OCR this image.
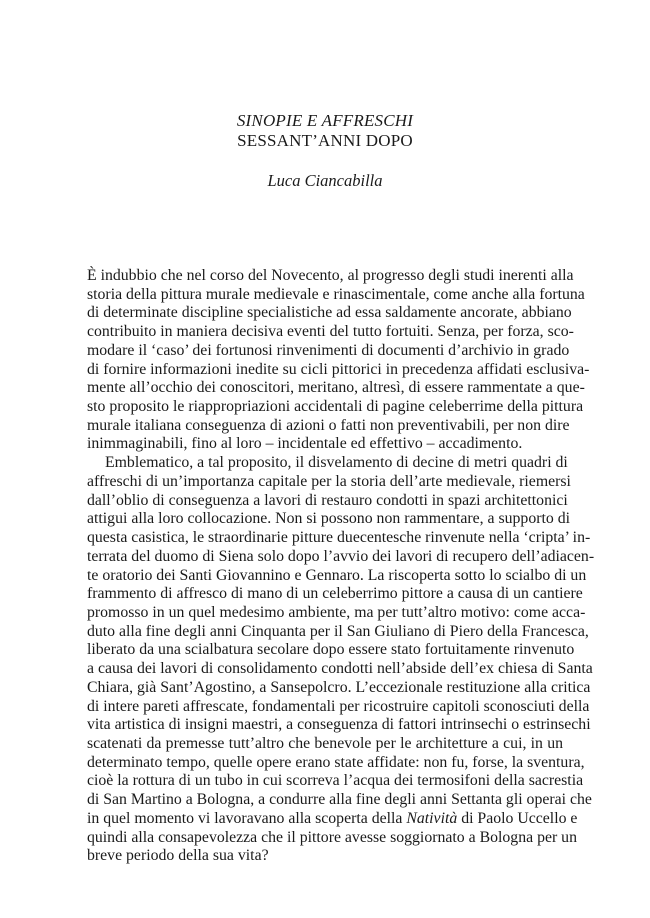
SINOPIE E AFFRESCHI
SESSANT’ANNI DOPO
Luca Ciancabilla
È indubbio che nel corso del Novecento, al progresso degli studi inerenti alla
storia della pittura murale medievale e rinascimentale, come anche alla fortuna
di determinate discipline specialistiche ad essa saldamente ancorate, abbiano
contribuito in maniera decisiva eventi del tutto fortuiti. Senza, per forza, sco-
modare il ‘caso’ dei fortunosi rinvenimenti di documenti d’archivio in grado
di fornire informazioni inedite su cicli pittorici in precedenza affidati esclusiva-
mente all’occhio dei conoscitori, meritano, altresì, di essere rammentate a que-
sto proposito le riappropriazioni accidentali di pagine celeberrime della pittura
murale italiana conseguenza di azioni o fatti non preventivabili, per non dire
inimmaginabili, fino al loro – incidentale ed effettivo – accadimento.
Emblematico, a tal proposito, il disvelamento di decine di metri quadri di
affreschi di un’importanza capitale per la storia dell’arte medievale, riemersi
dall’oblio di conseguenza a lavori di restauro condotti in spazi architettonici
attigui alla loro collocazione. Non si possono non rammentare, a supporto di
questa casistica, le straordinarie pitture duecentesche rinvenute nella ‘cripta’ in-
terrata del duomo di Siena solo dopo l’avvio dei lavori di recupero dell’adiacen-
te oratorio dei Santi Giovannino e Gennaro. La riscoperta sotto lo scialbo di un
frammento di affresco di mano di un celeberrimo pittore a causa di un cantiere
promosso in un quel medesimo ambiente, ma per tutt’altro motivo: come acca-
duto alla fine degli anni Cinquanta per il San Giuliano di Piero della Francesca,
liberato da una scialbatura secolare dopo essere stato fortuitamente rinvenuto
a causa dei lavori di consolidamento condotti nell’abside dell’ex chiesa di Santa
Chiara, già Sant’Agostino, a Sansepolcro. L’eccezionale restituzione alla critica
di intere pareti affrescate, fondamentali per ricostruire capitoli sconosciuti della
vita artistica di insigni maestri, a conseguenza di fattori intrinsechi o estrinsechi
scatenati da premesse tutt’altro che benevole per le architetture a cui, in un
determinato tempo, quelle opere erano state affidate: non fu, forse, la sventura,
cioè la rottura di un tubo in cui scorreva l’acqua dei termosifoni della sacrestia
di San Martino a Bologna, a condurre alla fine degli anni Settanta gli operai che
in quel momento vi lavoravano alla scoperta della Natività di Paolo Uccello e
quindi alla consapevolezza che il pittore avesse soggiornato a Bologna per un
breve periodo della sua vita?
